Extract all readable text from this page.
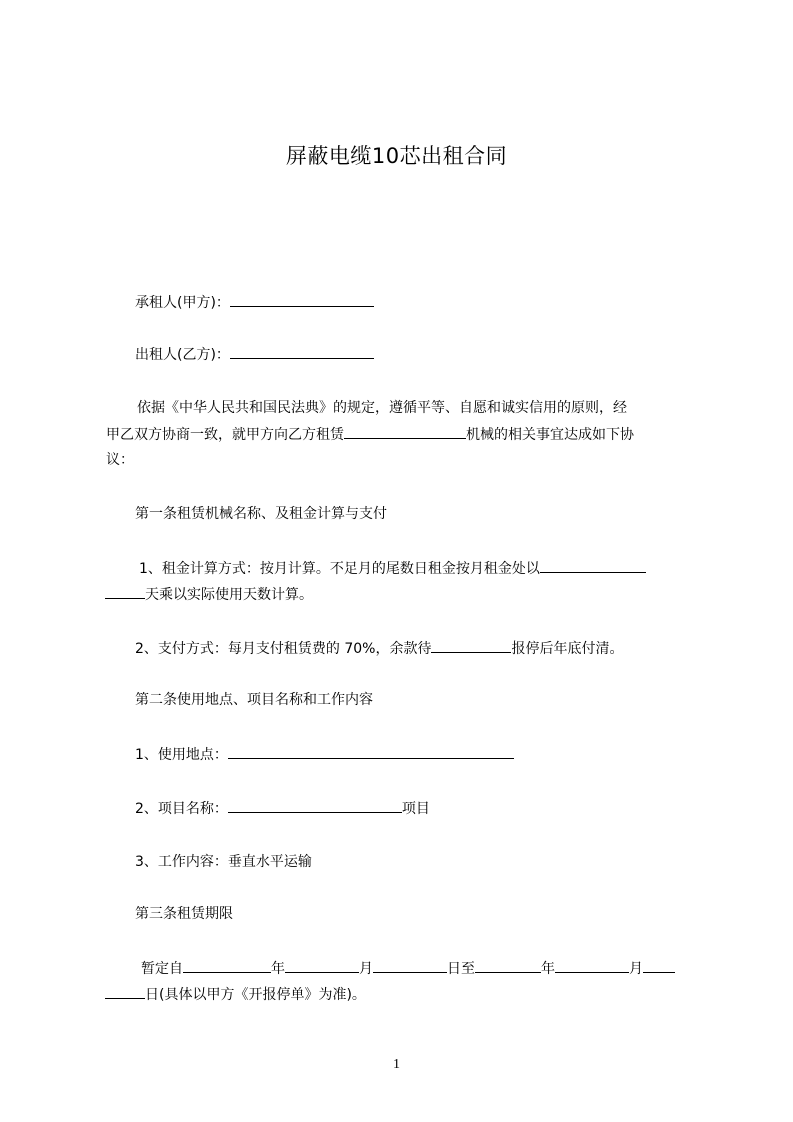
屏蔽电缆10芯出租合同
承租人(甲方)：
出租人(乙方)：
依据《中华人民共和国民法典》的规定，遵循平等、自愿和诚实信用的原则，经
甲乙双方协商一致，就甲方向乙方租赁	机械的相关事宜达成如下协
议：
第一条租赁机械名称、及租金计算与支付
1、租金计算方式：按月计算。不足月的尾数日租金按月租金处以
天乘以实际使用天数计算。
2、支付方式：每月支付租赁费的 70%，余款待	报停后年底付清。
第二条使用地点、项目名称和工作内容
1、使用地点：
2、项目名称：	项目
3、工作内容：垂直水平运输
第三条租赁期限
暂定自	年	月	日至	年	月
日(具体以甲方《开报停单》为准)。
1
